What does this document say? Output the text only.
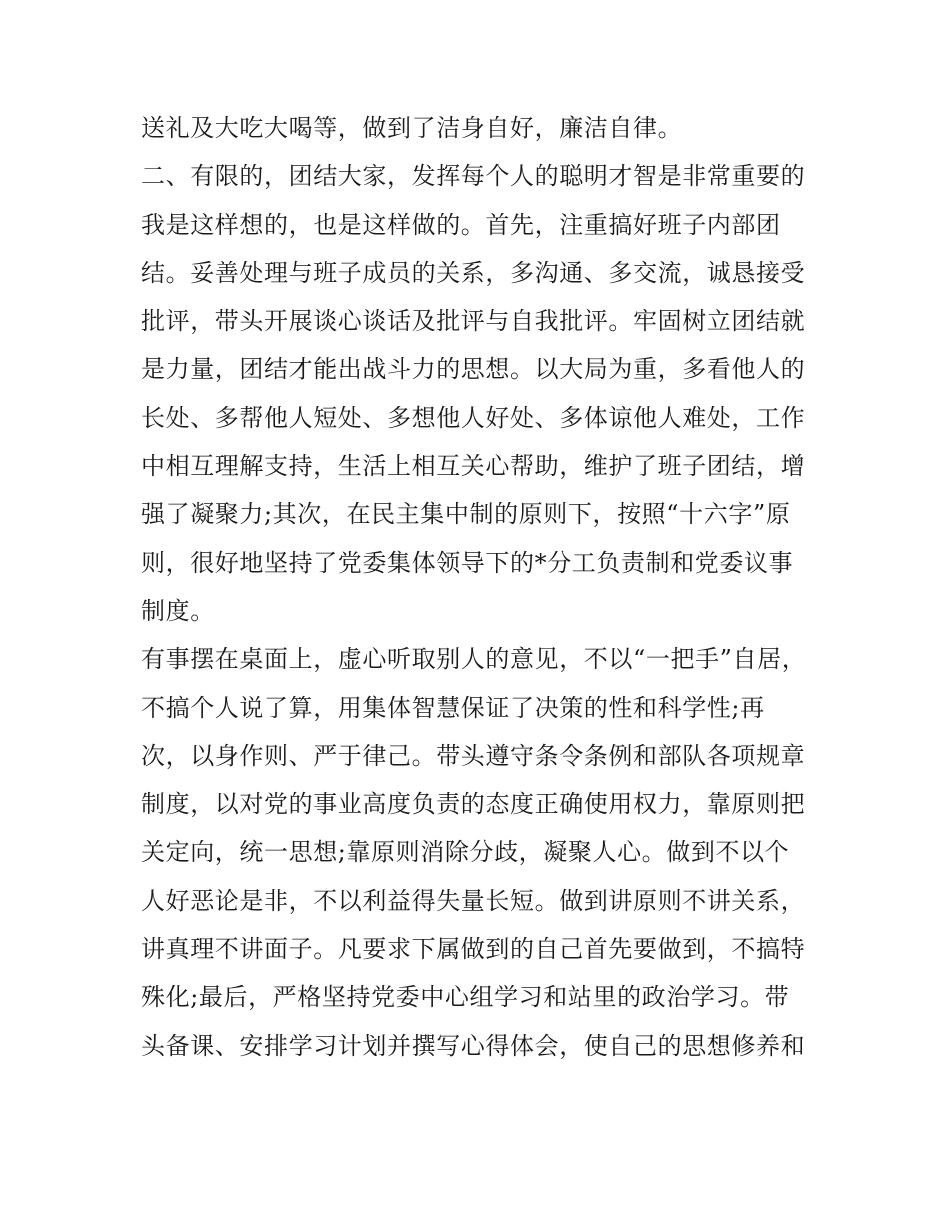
送礼及大吃大喝等，做到了洁身自好，廉洁自律。
二、有限的，团结大家，发挥每个人的聪明才智是非常重要的
我是这样想的，也是这样做的。首先，注重搞好班子内部团
结。妥善处理与班子成员的关系，多沟通、多交流，诚恳接受
批评，带头开展谈心谈话及批评与自我批评。牢固树立团结就
是力量，团结才能出战斗力的思想。以大局为重，多看他人的
长处、多帮他人短处、多想他人好处、多体谅他人难处，工作
中相互理解支持，生活上相互关心帮助，维护了班子团结，增
强了凝聚力;其次，在民主集中制的原则下，按照“十六字”原
则，很好地坚持了党委集体领导下的*分工负责制和党委议事
制度。
有事摆在桌面上，虚心听取别人的意见，不以“一把手”自居，
不搞个人说了算，用集体智慧保证了决策的性和科学性;再
次，以身作则、严于律己。带头遵守条令条例和部队各项规章
制度，以对党的事业高度负责的态度正确使用权力，靠原则把
关定向，统一思想;靠原则消除分歧，凝聚人心。做到不以个
人好恶论是非，不以利益得失量长短。做到讲原则不讲关系，
讲真理不讲面子。凡要求下属做到的自己首先要做到，不搞特
殊化;最后，严格坚持党委中心组学习和站里的政治学习。带
头备课、安排学习计划并撰写心得体会，使自己的思想修养和
